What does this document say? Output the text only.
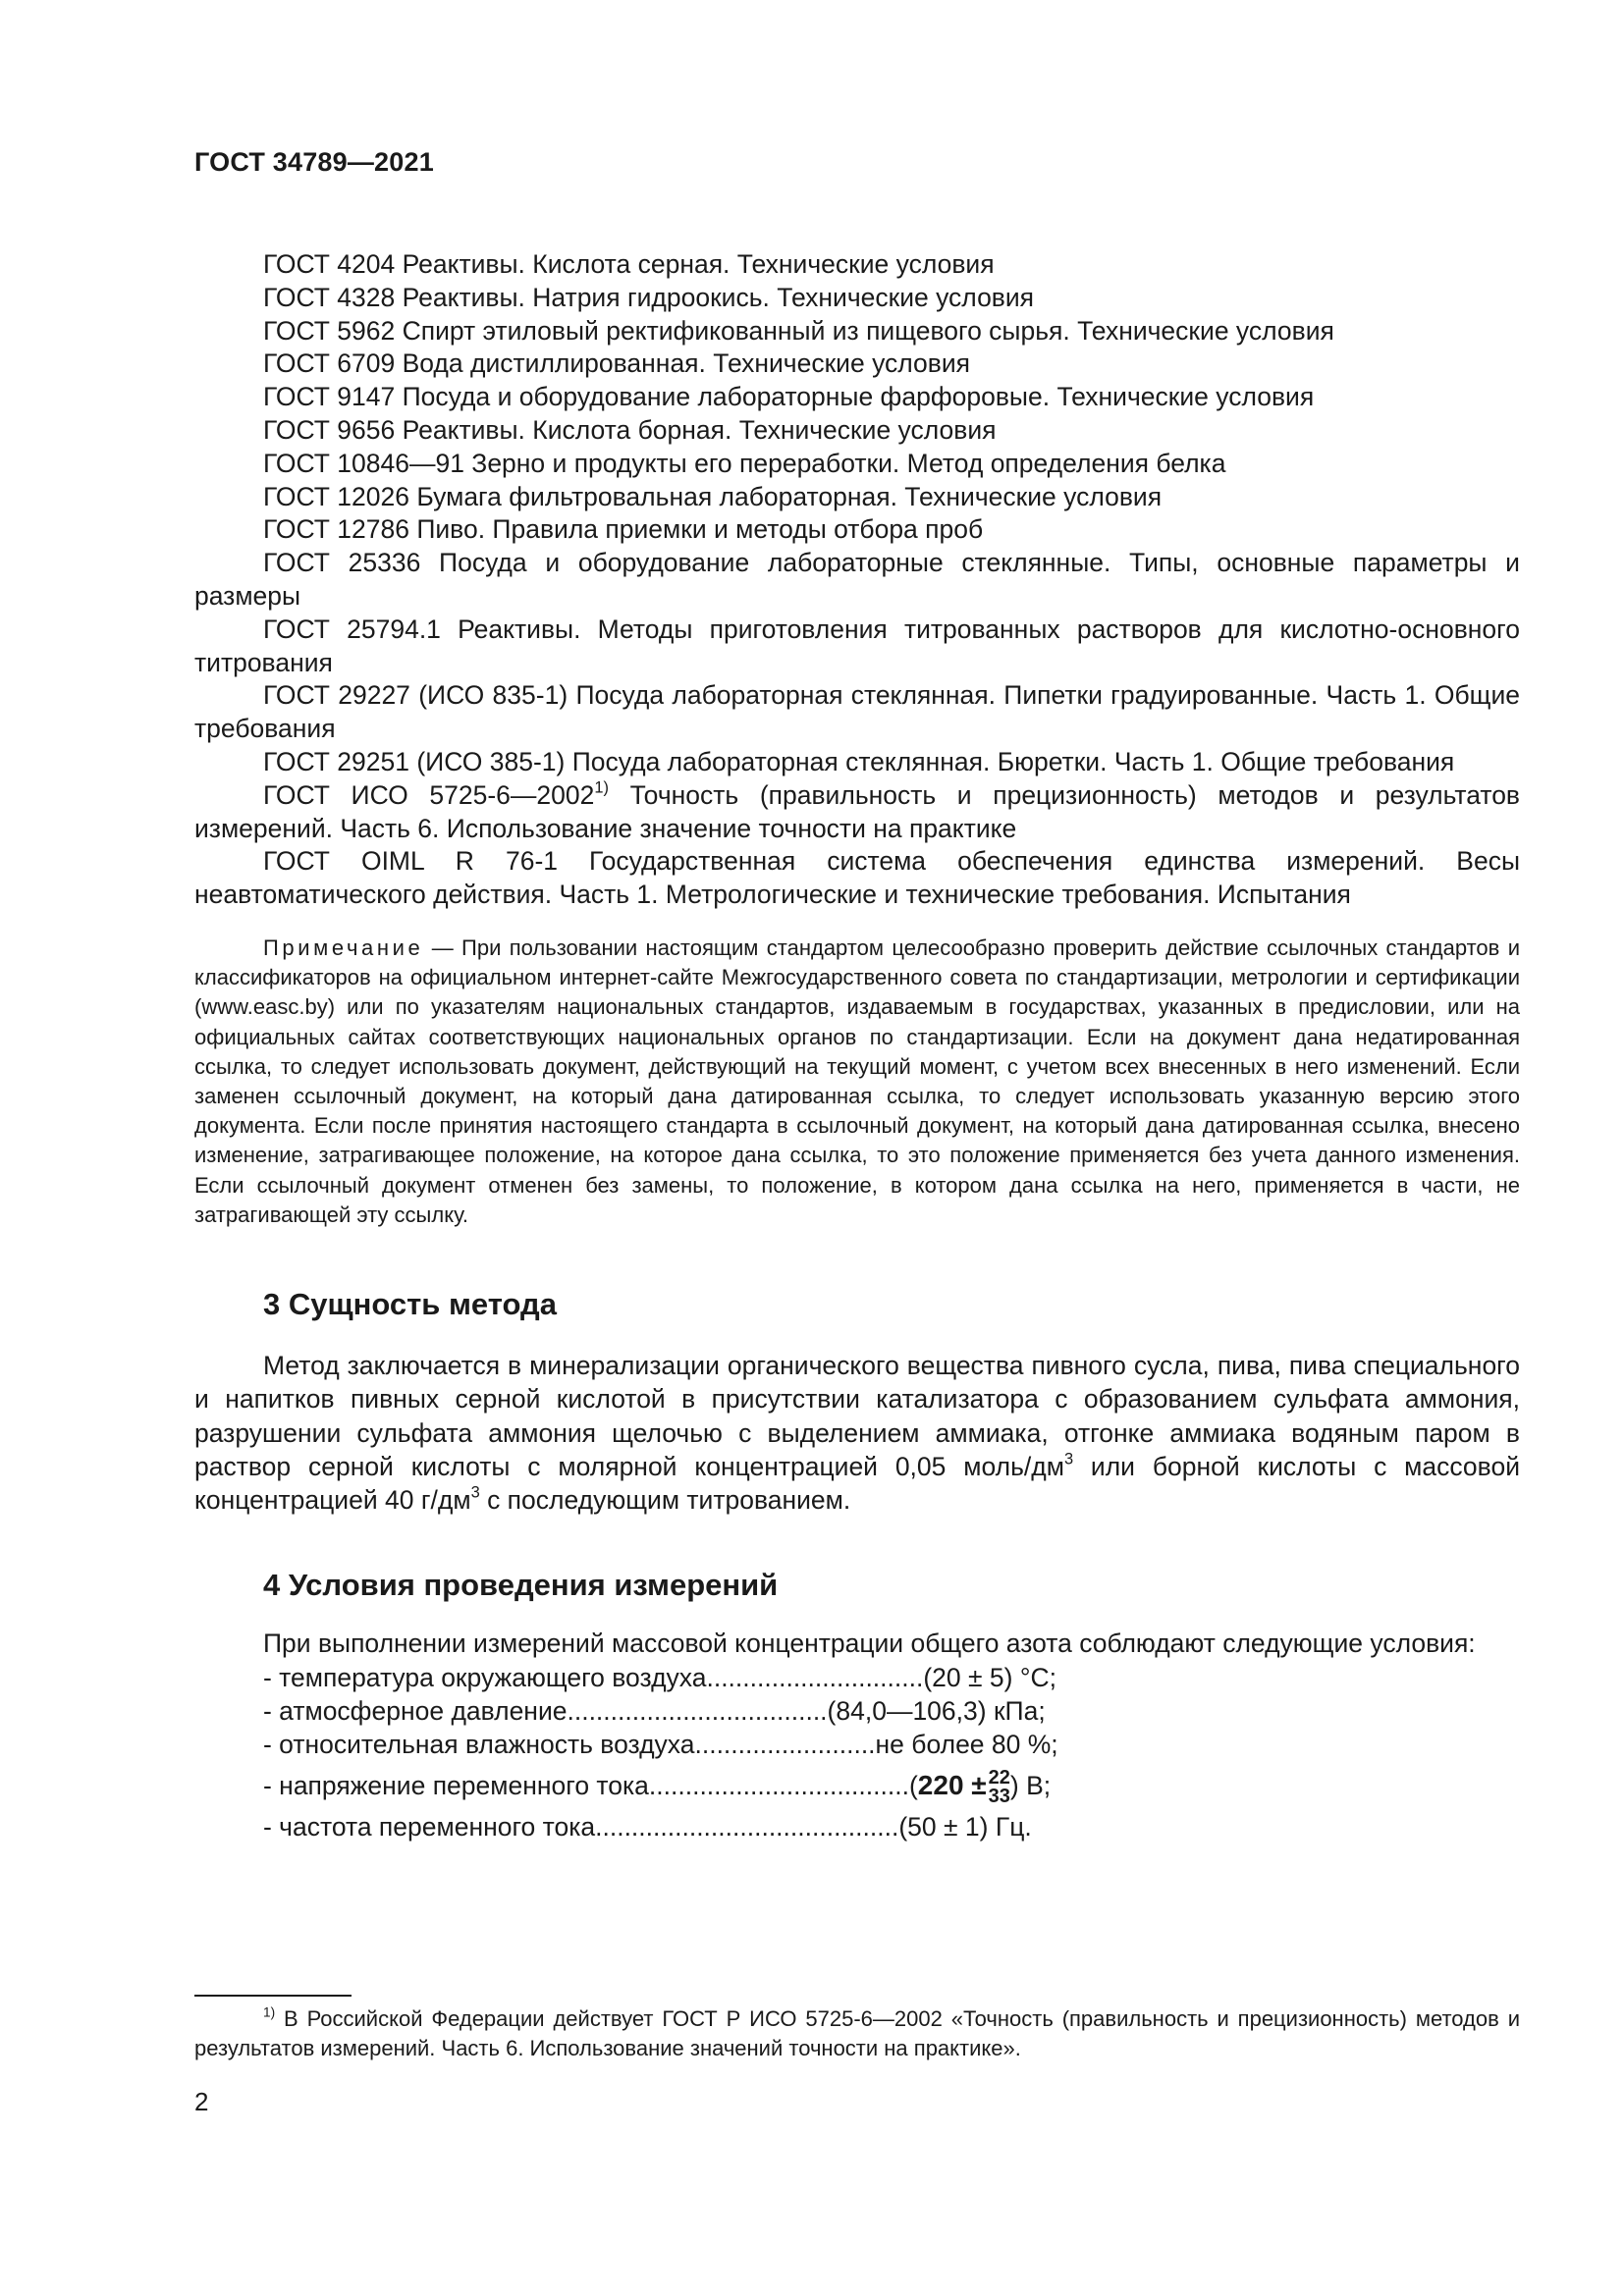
ГОСТ 34789—2021

ГОСТ 4204 Реактивы. Кислота серная. Технические условия

ГОСТ 4328 Реактивы. Натрия гидроокись. Технические условия

ГОСТ 5962 Спирт этиловый ректификованный из пищевого сырья. Технические условия

ГОСТ 6709 Вода дистиллированная. Технические условия

ГОСТ 9147 Посуда и оборудование лабораторные фарфоровые. Технические условия

ГОСТ 9656 Реактивы. Кислота борная. Технические условия

ГОСТ 10846—91 Зерно и продукты его переработки. Метод определения белка

ГОСТ 12026 Бумага фильтровальная лабораторная. Технические условия

ГОСТ 12786 Пиво. Правила приемки и методы отбора проб

ГОСТ 25336 Посуда и оборудование лабораторные стеклянные. Типы, основные параметры и размеры

ГОСТ 25794.1 Реактивы. Методы приготовления титрованных растворов для кислотно-основного титрования

ГОСТ 29227 (ИСО 835-1) Посуда лабораторная стеклянная. Пипетки градуированные. Часть 1. Общие требования

ГОСТ 29251 (ИСО 385-1) Посуда лабораторная стеклянная. Бюретки. Часть 1. Общие требования

ГОСТ ИСО 5725-6—2002$^{1)}$ Точность (правильность и прецизионность) методов и результатов измерений. Часть 6. Использование значение точности на практике

ГОСТ OIML R 76-1 Государственная система обеспечения единства измерений. Весы неавтоматического действия. Часть 1. Метрологические и технические требования. Испытания

Примечание — При пользовании настоящим стандартом целесообразно проверить действие ссылочных стандартов и классификаторов на официальном интернет-сайте Межгосударственного совета по стандартизации, метрологии и сертификации (www.easc.by) или по указателям национальных стандартов, издаваемым в государствах, указанных в предисловии, или на официальных сайтах соответствующих национальных органов по стандартизации. Если на документ дана недатированная ссылка, то следует использовать документ, действующий на текущий момент, с учетом всех внесенных в него изменений. Если заменен ссылочный документ, на который дана датированная ссылка, то следует использовать указанную версию этого документа. Если после принятия настоящего стандарта в ссылочный документ, на который дана датированная ссылка, внесено изменение, затрагивающее положение, на которое дана ссылка, то это положение применяется без учета данного изменения. Если ссылочный документ отменен без замены, то положение, в котором дана ссылка на него, применяется в части, не затрагивающей эту ссылку.

3 Сущность метода

Метод заключается в минерализации органического вещества пивного сусла, пива, пива специального и напитков пивных серной кислотой в присутствии катализатора с образованием сульфата аммония, разрушении сульфата аммония щелочью с выделением аммиака, отгонке аммиака водяным паром в раствор серной кислоты с молярной концентрацией 0,05 моль/$дм^3$ или борной кислоты с массовой концентрацией 40 $г/дм^3$ с последующим титрованием.

4 Условия проведения измерений

При выполнении измерений массовой концентрации общего азота соблюдают следующие условия:

- температура окружающего воздуха..............................(20 ± 5) °С;
- атмосферное давление....................................(84,0—106,3) кПа;
- относительная влажность воздуха.........................не более 80 %;
- напряжение переменного тока....................................(220 ± 22
33 ) В;
- частота переменного тока..........................................(50 ± 1) Гц.

$^{1)}$ В Российской Федерации действует ГОСТ Р ИСО 5725-6—2002 «Точность (правильность и прецизионность) методов и результатов измерений. Часть 6. Использование значений точности на практике».

2
